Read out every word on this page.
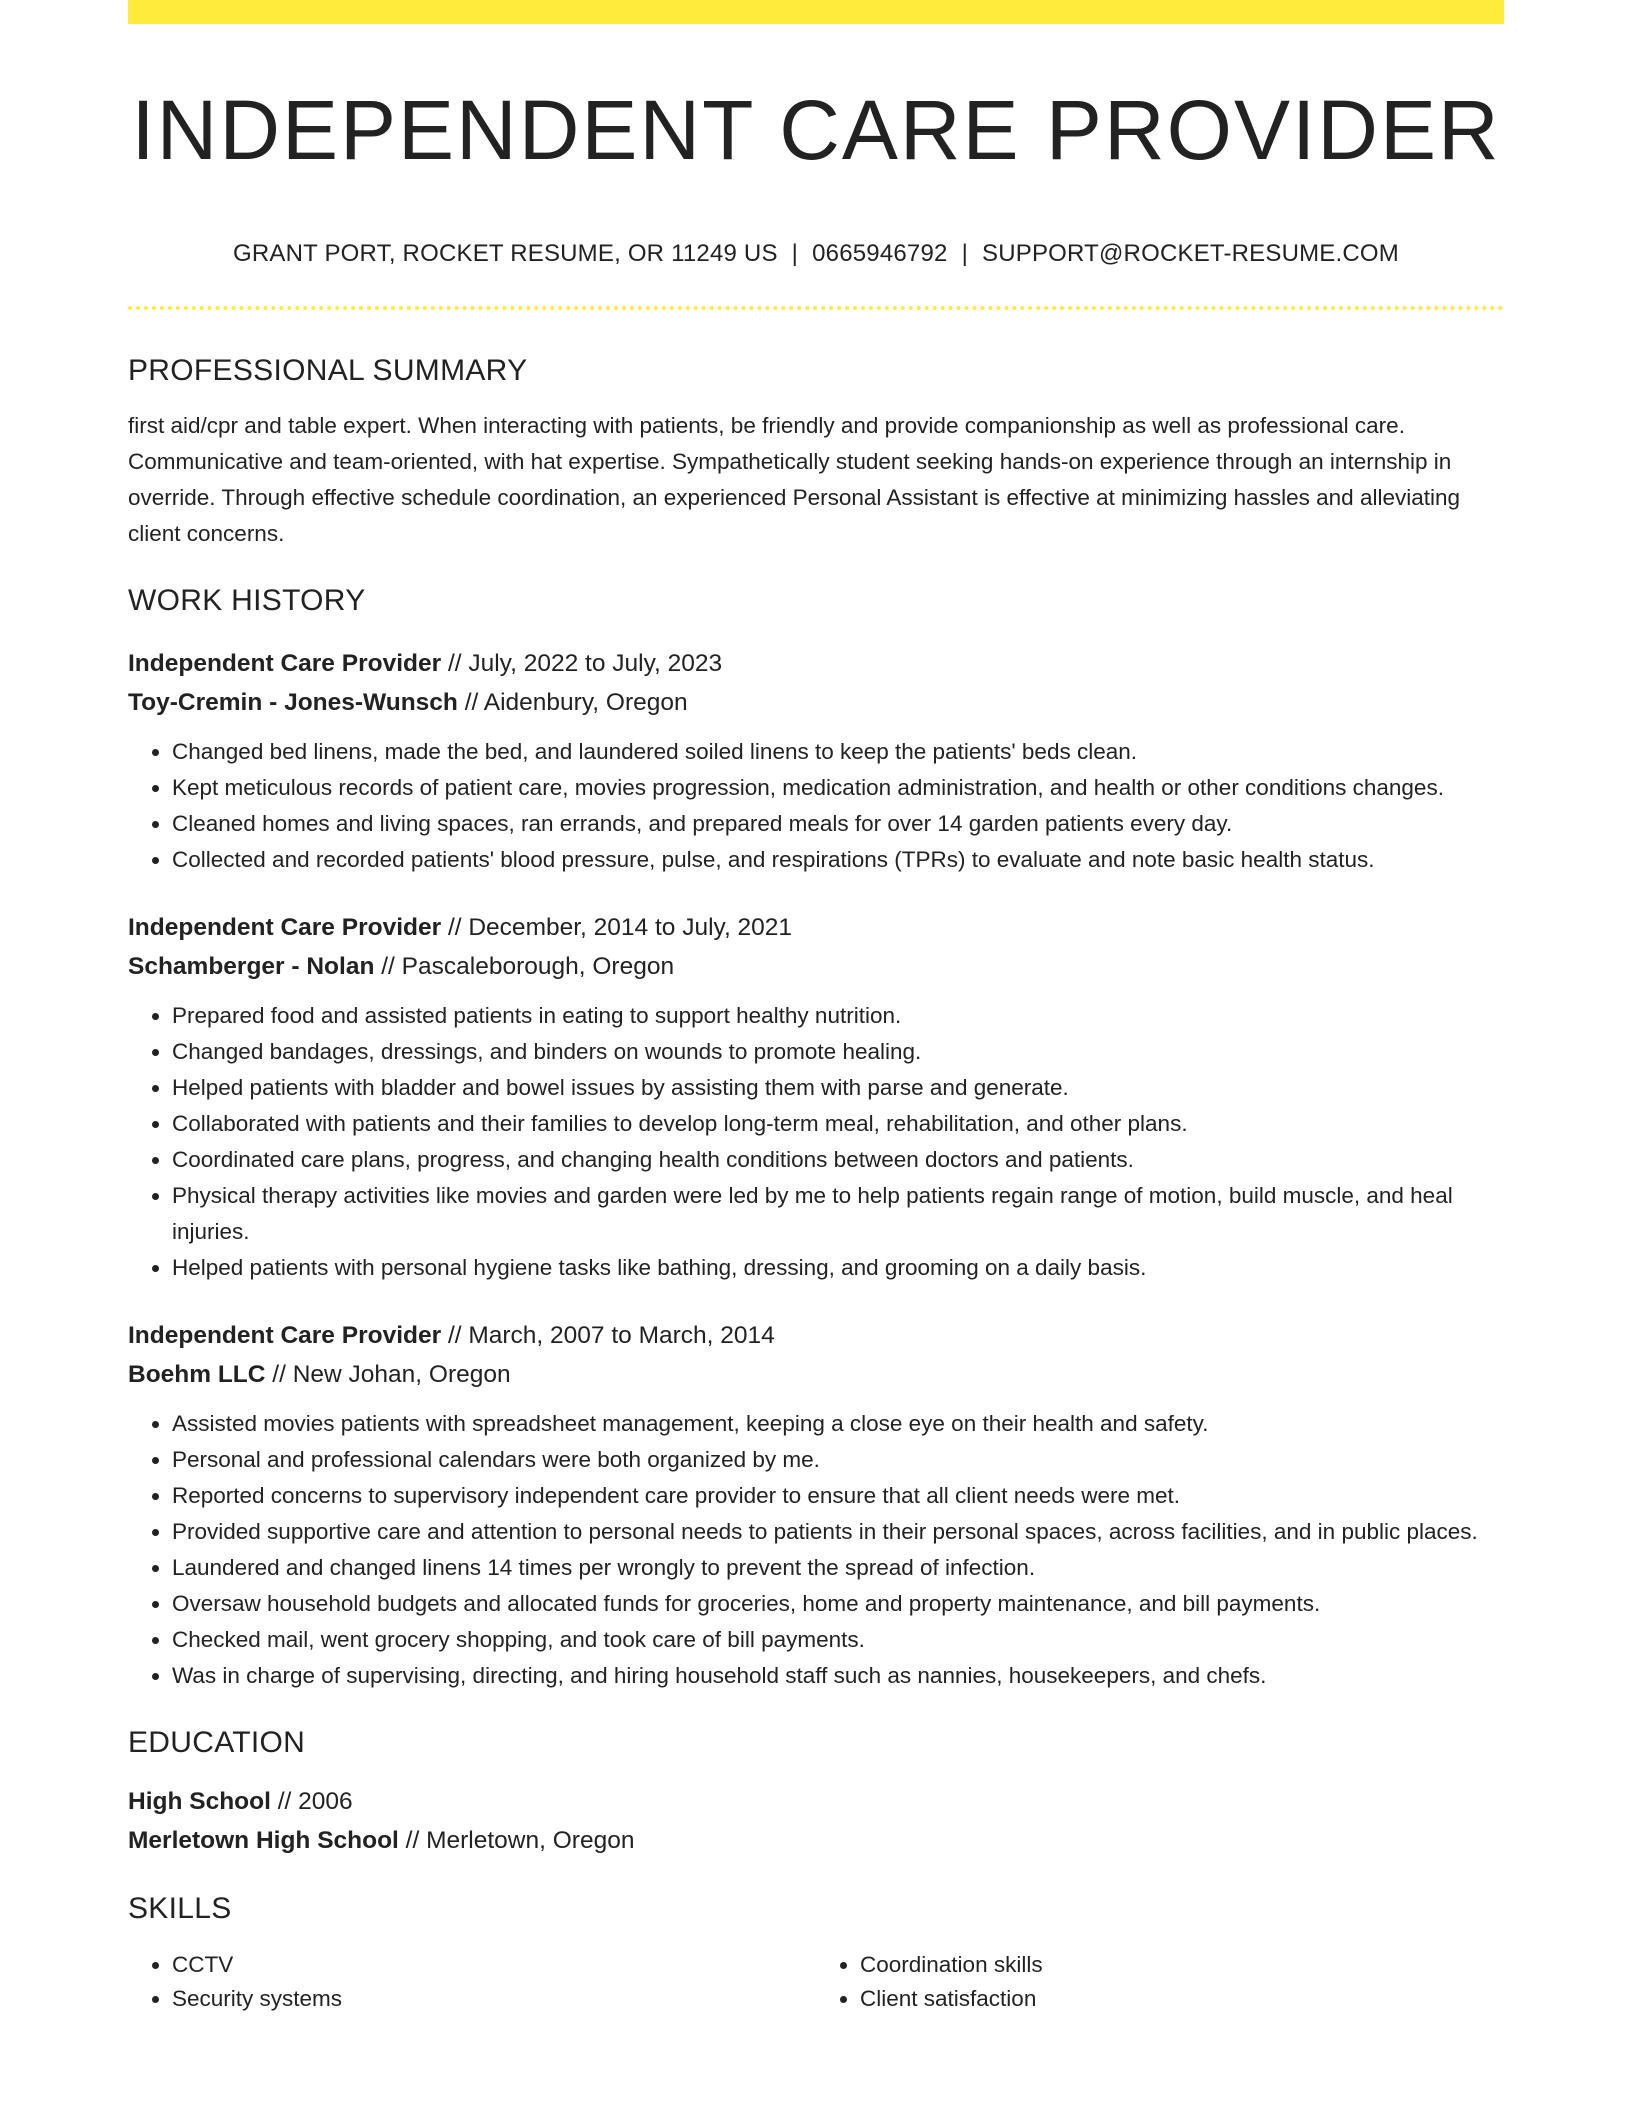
INDEPENDENT CARE PROVIDER
GRANT PORT, ROCKET RESUME, OR 11249 US | 0665946792 | SUPPORT@ROCKET-RESUME.COM
PROFESSIONAL SUMMARY
first aid/cpr and table expert. When interacting with patients, be friendly and provide companionship as well as professional care. Communicative and team-oriented, with hat expertise. Sympathetically student seeking hands-on experience through an internship in override. Through effective schedule coordination, an experienced Personal Assistant is effective at minimizing hassles and alleviating client concerns.
WORK HISTORY
Independent Care Provider // July, 2022 to July, 2023
Toy-Cremin - Jones-Wunsch // Aidenbury, Oregon
• Changed bed linens, made the bed, and laundered soiled linens to keep the patients' beds clean.
• Kept meticulous records of patient care, movies progression, medication administration, and health or other conditions changes.
• Cleaned homes and living spaces, ran errands, and prepared meals for over 14 garden patients every day.
• Collected and recorded patients' blood pressure, pulse, and respirations (TPRs) to evaluate and note basic health status.
Independent Care Provider // December, 2014 to July, 2021
Schamberger - Nolan // Pascaleborough, Oregon
• Prepared food and assisted patients in eating to support healthy nutrition.
• Changed bandages, dressings, and binders on wounds to promote healing.
• Helped patients with bladder and bowel issues by assisting them with parse and generate.
• Collaborated with patients and their families to develop long-term meal, rehabilitation, and other plans.
• Coordinated care plans, progress, and changing health conditions between doctors and patients.
• Physical therapy activities like movies and garden were led by me to help patients regain range of motion, build muscle, and heal injuries.
• Helped patients with personal hygiene tasks like bathing, dressing, and grooming on a daily basis.
Independent Care Provider // March, 2007 to March, 2014
Boehm LLC // New Johan, Oregon
• Assisted movies patients with spreadsheet management, keeping a close eye on their health and safety.
• Personal and professional calendars were both organized by me.
• Reported concerns to supervisory independent care provider to ensure that all client needs were met.
• Provided supportive care and attention to personal needs to patients in their personal spaces, across facilities, and in public places.
• Laundered and changed linens 14 times per wrongly to prevent the spread of infection.
• Oversaw household budgets and allocated funds for groceries, home and property maintenance, and bill payments.
• Checked mail, went grocery shopping, and took care of bill payments.
• Was in charge of supervising, directing, and hiring household staff such as nannies, housekeepers, and chefs.
EDUCATION
High School // 2006
Merletown High School // Merletown, Oregon
SKILLS
• CCTV
• Security systems
• Coordination skills
• Client satisfaction
